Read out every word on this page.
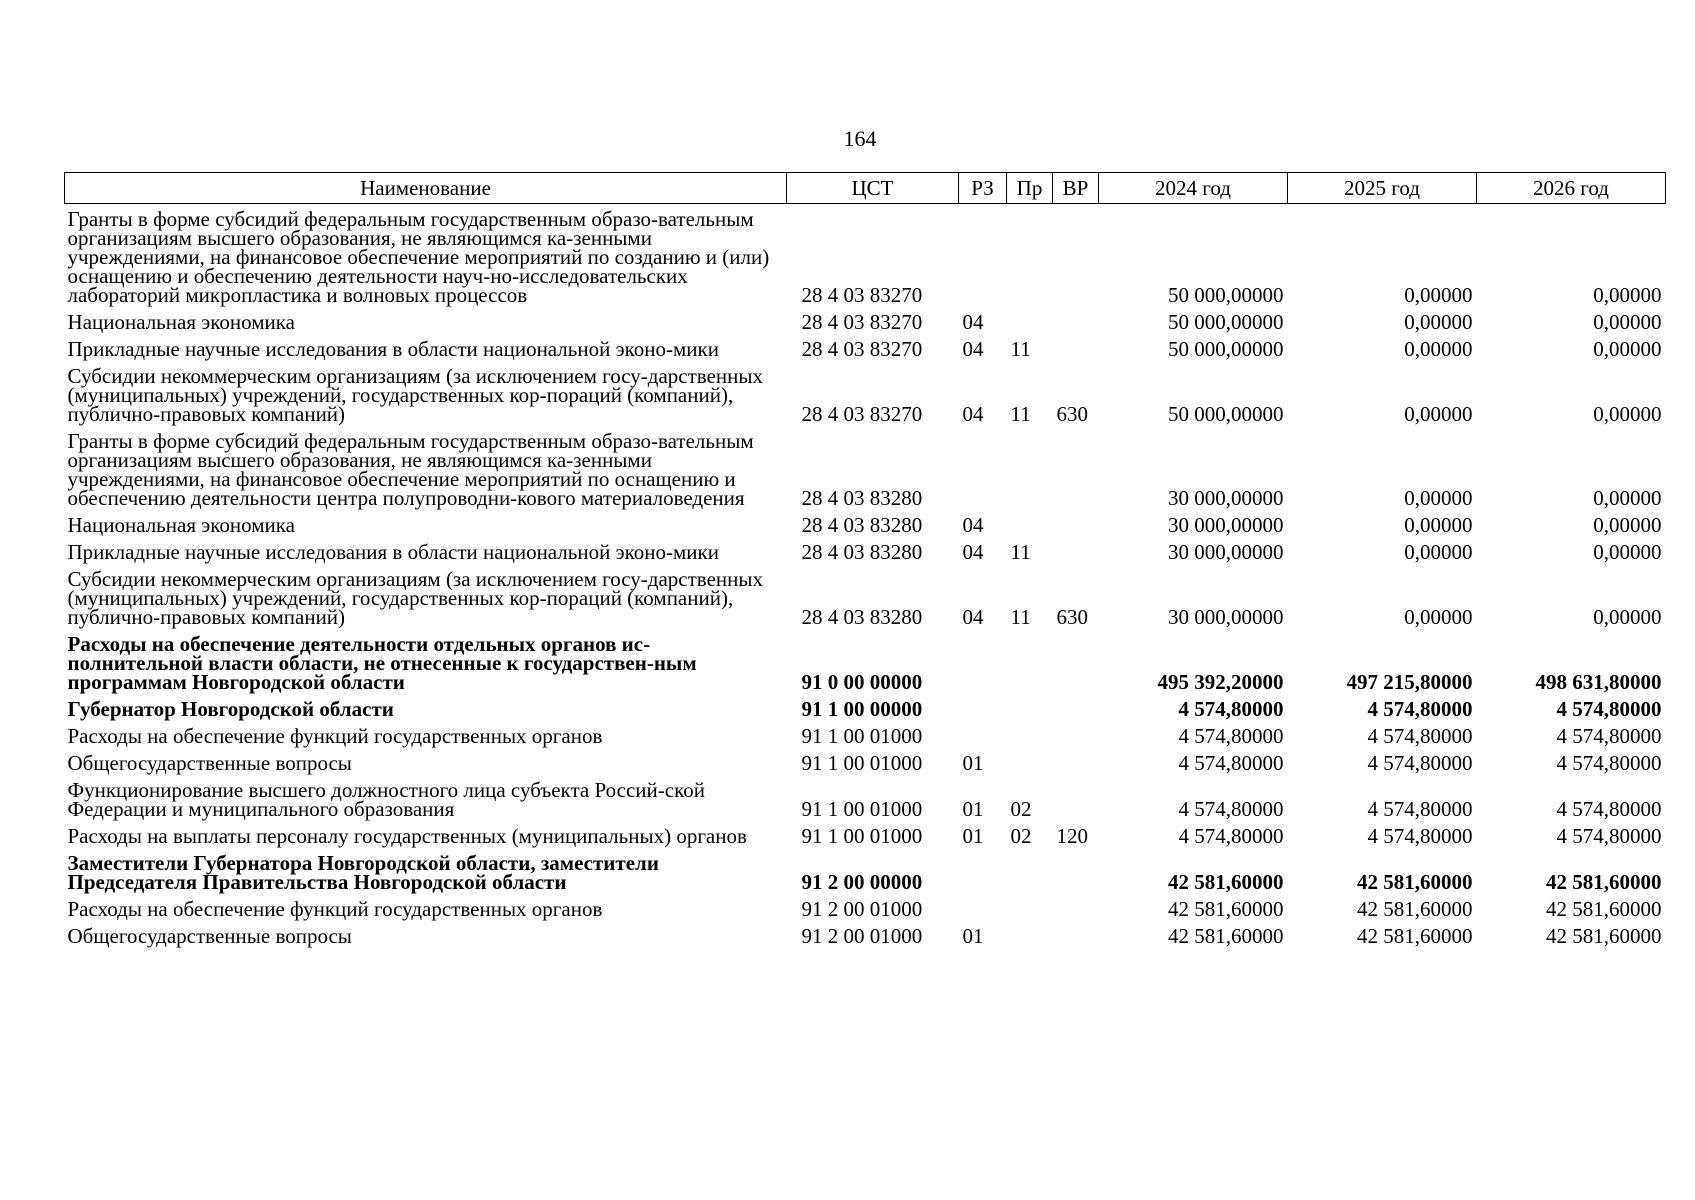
164
Наименование	ЦСТ	РЗ	Пр	ВР	2024 год	2025 год	2026 год
Гранты в форме субсидий федеральным государственным образо-вательным организациям высшего образования, не являющимся ка-зенными учреждениями, на финансовое обеспечение мероприятий по созданию и (или) оснащению и обеспечению деятельности науч-но-исследовательских лабораторий микропластика и волновых процессов	28 4 03 83270				50 000,00000	0,00000	0,00000
Национальная экономика	28 4 03 83270	04			50 000,00000	0,00000	0,00000
Прикладные научные исследования в области национальной эконо-мики	28 4 03 83270	04	11		50 000,00000	0,00000	0,00000
Субсидии некоммерческим организациям (за исключением госу-дарственных (муниципальных) учреждений, государственных кор-пораций (компаний), публично-правовых компаний)	28 4 03 83270	04	11	630	50 000,00000	0,00000	0,00000
Гранты в форме субсидий федеральным государственным образо-вательным организациям высшего образования, не являющимся ка-зенными учреждениями, на финансовое обеспечение мероприятий по оснащению и обеспечению деятельности центра полупроводни-кового материаловедения	28 4 03 83280				30 000,00000	0,00000	0,00000
Национальная экономика	28 4 03 83280	04			30 000,00000	0,00000	0,00000
Прикладные научные исследования в области национальной эконо-мики	28 4 03 83280	04	11		30 000,00000	0,00000	0,00000
Субсидии некоммерческим организациям (за исключением госу-дарственных (муниципальных) учреждений, государственных кор-пораций (компаний), публично-правовых компаний)	28 4 03 83280	04	11	630	30 000,00000	0,00000	0,00000
Расходы на обеспечение деятельности отдельных органов ис-полнительной власти области, не отнесенные к государствен-ным программам Новгородской области	91 0 00 00000				495 392,20000	497 215,80000	498 631,80000
Губернатор Новгородской области	91 1 00 00000				4 574,80000	4 574,80000	4 574,80000
Расходы на обеспечение функций государственных органов	91 1 00 01000				4 574,80000	4 574,80000	4 574,80000
Общегосударственные вопросы	91 1 00 01000	01			4 574,80000	4 574,80000	4 574,80000
Функционирование высшего должностного лица субъекта Россий-ской Федерации и муниципального образования	91 1 00 01000	01	02		4 574,80000	4 574,80000	4 574,80000
Расходы на выплаты персоналу государственных (муниципальных) органов	91 1 00 01000	01	02	120	4 574,80000	4 574,80000	4 574,80000
Заместители Губернатора Новгородской области, заместители Председателя Правительства Новгородской области	91 2 00 00000				42 581,60000	42 581,60000	42 581,60000
Расходы на обеспечение функций государственных органов	91 2 00 01000				42 581,60000	42 581,60000	42 581,60000
Общегосударственные вопросы	91 2 00 01000	01			42 581,60000	42 581,60000	42 581,60000
